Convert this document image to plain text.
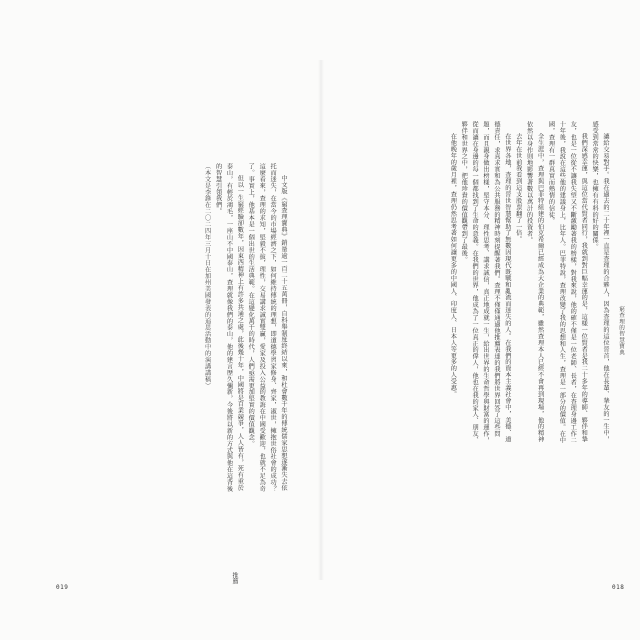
中文版《窮查理寶典》銷量逾一百二十五萬冊，自科舉制度終結以來，和杜會數千年的傳統儒家思想逐漸失去依托而迷失，在當今的市場經濟之下，如何維持傳統的理想，即道德學習家修身、齊家，淑世，擁抱世俗社會的成功？這麼看來，查理的求知，堅毅不拔，理性，交易講求誠實雙贏，愛家及投入公益的教誨在中國受歡迎，也就不足為奇了。事實上，他基本是一個出世的生活典範。在這變化萬千的時代，人們亟需更加堅實的價值觀念。

但以一生窮經驗卻數年，因東西精神上有許多共通之處，此後幾十年，中國將是百業競爭，人人皆有，死有重於泰山，有輕於鴻毛，一座山不中國泰山，查理就像我們的泰山，他的建言歷久彌新，今後將以新的方式與他在這背後的智慧引領我們。

（本文是李錄在二〇二四年三月十日在加州美國發表的追思活動中的演講講稿）

推薦
019
窮查理的智慧寶典

讓給交易對手。我在過去的二十年裡一直是查理的合夥人，因為查理的這位晉首，他在長輩、摯友的一生中，感受到常常的快樂，也擁有有料的好的關係。

我們深感幸運，與這位當代賢者同行，我就到對巨幅幸運的是，這樣一位賢者是我二十多年的導師、夥伴和摯友，也是一位從不讓我失望又不斷激勵著我的榜樣，對我來說，他的確不僅是一位老師、長者，在查理身邊工作二十年後，我說在這些他的建議身上，比年人。巴菲特說，查理改變了我的思想和人生，查理是一部分的價值。在中國，查理有一群真實而熱情的信徒。

全生涯中，查理與巴菲特組建的伯克希爾已經成為大企業的典範，雖然查理本人已經不會再到現場，他的精神依然以身作則地影響著數以萬計的投資者。

去年在世前我看到這支股票翻了一倍。

在世界各地，查理的晉世智慧幫助了無數因現代既戰和亂流而迷失的人。在我們的資本主義社會中，美德、道德責任，求真求實和為公共服務的精神時刻提醒著我們。查理不僅僅通過他推薦表達的我們將世界回答了這些問題，而且親身做出榜樣，堅守本分、理性思考、講求誠信，真正地成就一生，給出世界的生命哲學與財富的運作，從而讓在身邊的每一個都找到了生命的意義。在我們的世界，他成為了一位真正的偉人，他也在我的家人、朋友、夥伴和世界之中，把他珍貴的價值觀帶到了最後。

在他晚年的歲月裡，查理仍然思考著如何讓更多的中國人、印度人、日本人等更多的人受惠。

018
